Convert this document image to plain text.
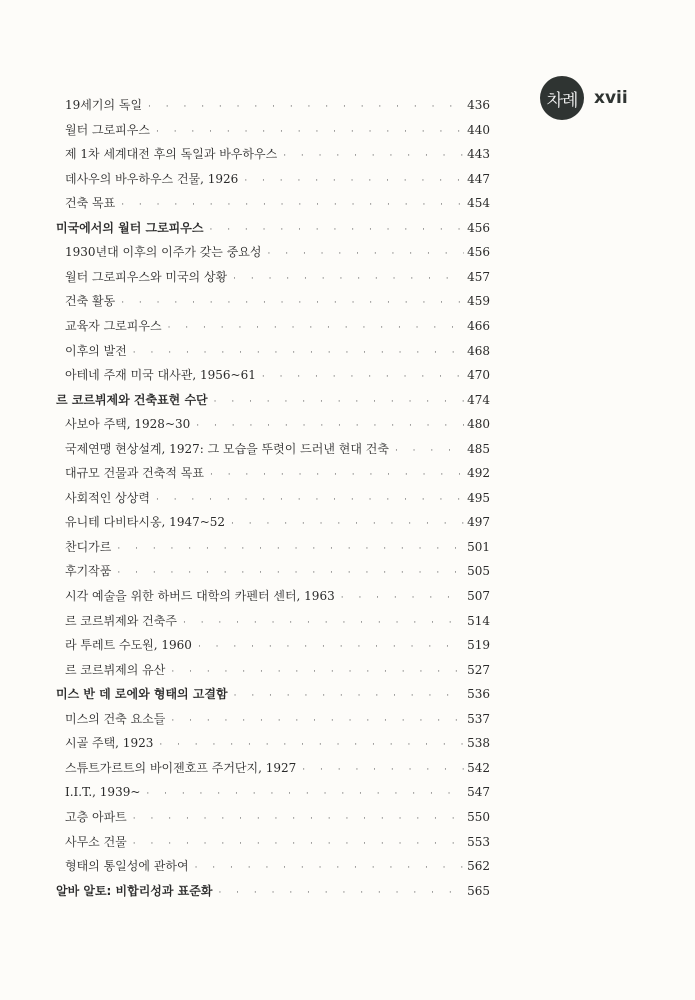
차례 xvii
19세기의 독일 · · ·	436
월터 그로피우스 · · ·	440
제 1차 세계대전 후의 독일과 바우하우스 · · ·	443
데사우의 바우하우스 건물, 1926 · · ·	447
건축 목표 · · ·	454
미국에서의 월터 그로피우스 · · ·	456
1930년대 이후의 이주가 갖는 중요성 · · ·	456
월터 그로피우스와 미국의 상황 · · ·	457
건축 활동 · · ·	459
교육자 그로피우스 · · ·	466
이후의 발전 · · ·	468
아테네 주재 미국 대사관, 1956~61 · · ·	470
르 코르뷔제와 건축표현 수단 · · ·	474
사보아 주택, 1928~30 · · ·	480
국제연맹 현상설계, 1927: 그 모습을 뚜렷이 드러낸 현대 건축 · · ·	485
대규모 건물과 건축적 목표 · · ·	492
사회적인 상상력 · · ·	495
유니테 다비타시옹, 1947~52 · · ·	497
찬디가르 · · ·	501
후기작품 · · ·	505
시각 예술을 위한 하버드 대학의 카펜터 센터, 1963 · · ·	507
르 코르뷔제와 건축주 · · ·	514
라 투레트 수도원, 1960 · · ·	519
르 코르뷔제의 유산 · · ·	527
미스 반 데 로에와 형태의 고결함 · · ·	536
미스의 건축 요소들 · · ·	537
시골 주택, 1923 · · ·	538
스튜트가르트의 바이젠호프 주거단지, 1927 · · ·	542
I.I.T., 1939~ · · ·	547
고층 아파트 · · ·	550
사무소 건물 · · ·	553
형태의 통일성에 관하여 · · ·	562
알바 알토: 비합리성과 표준화 · · ·	565
